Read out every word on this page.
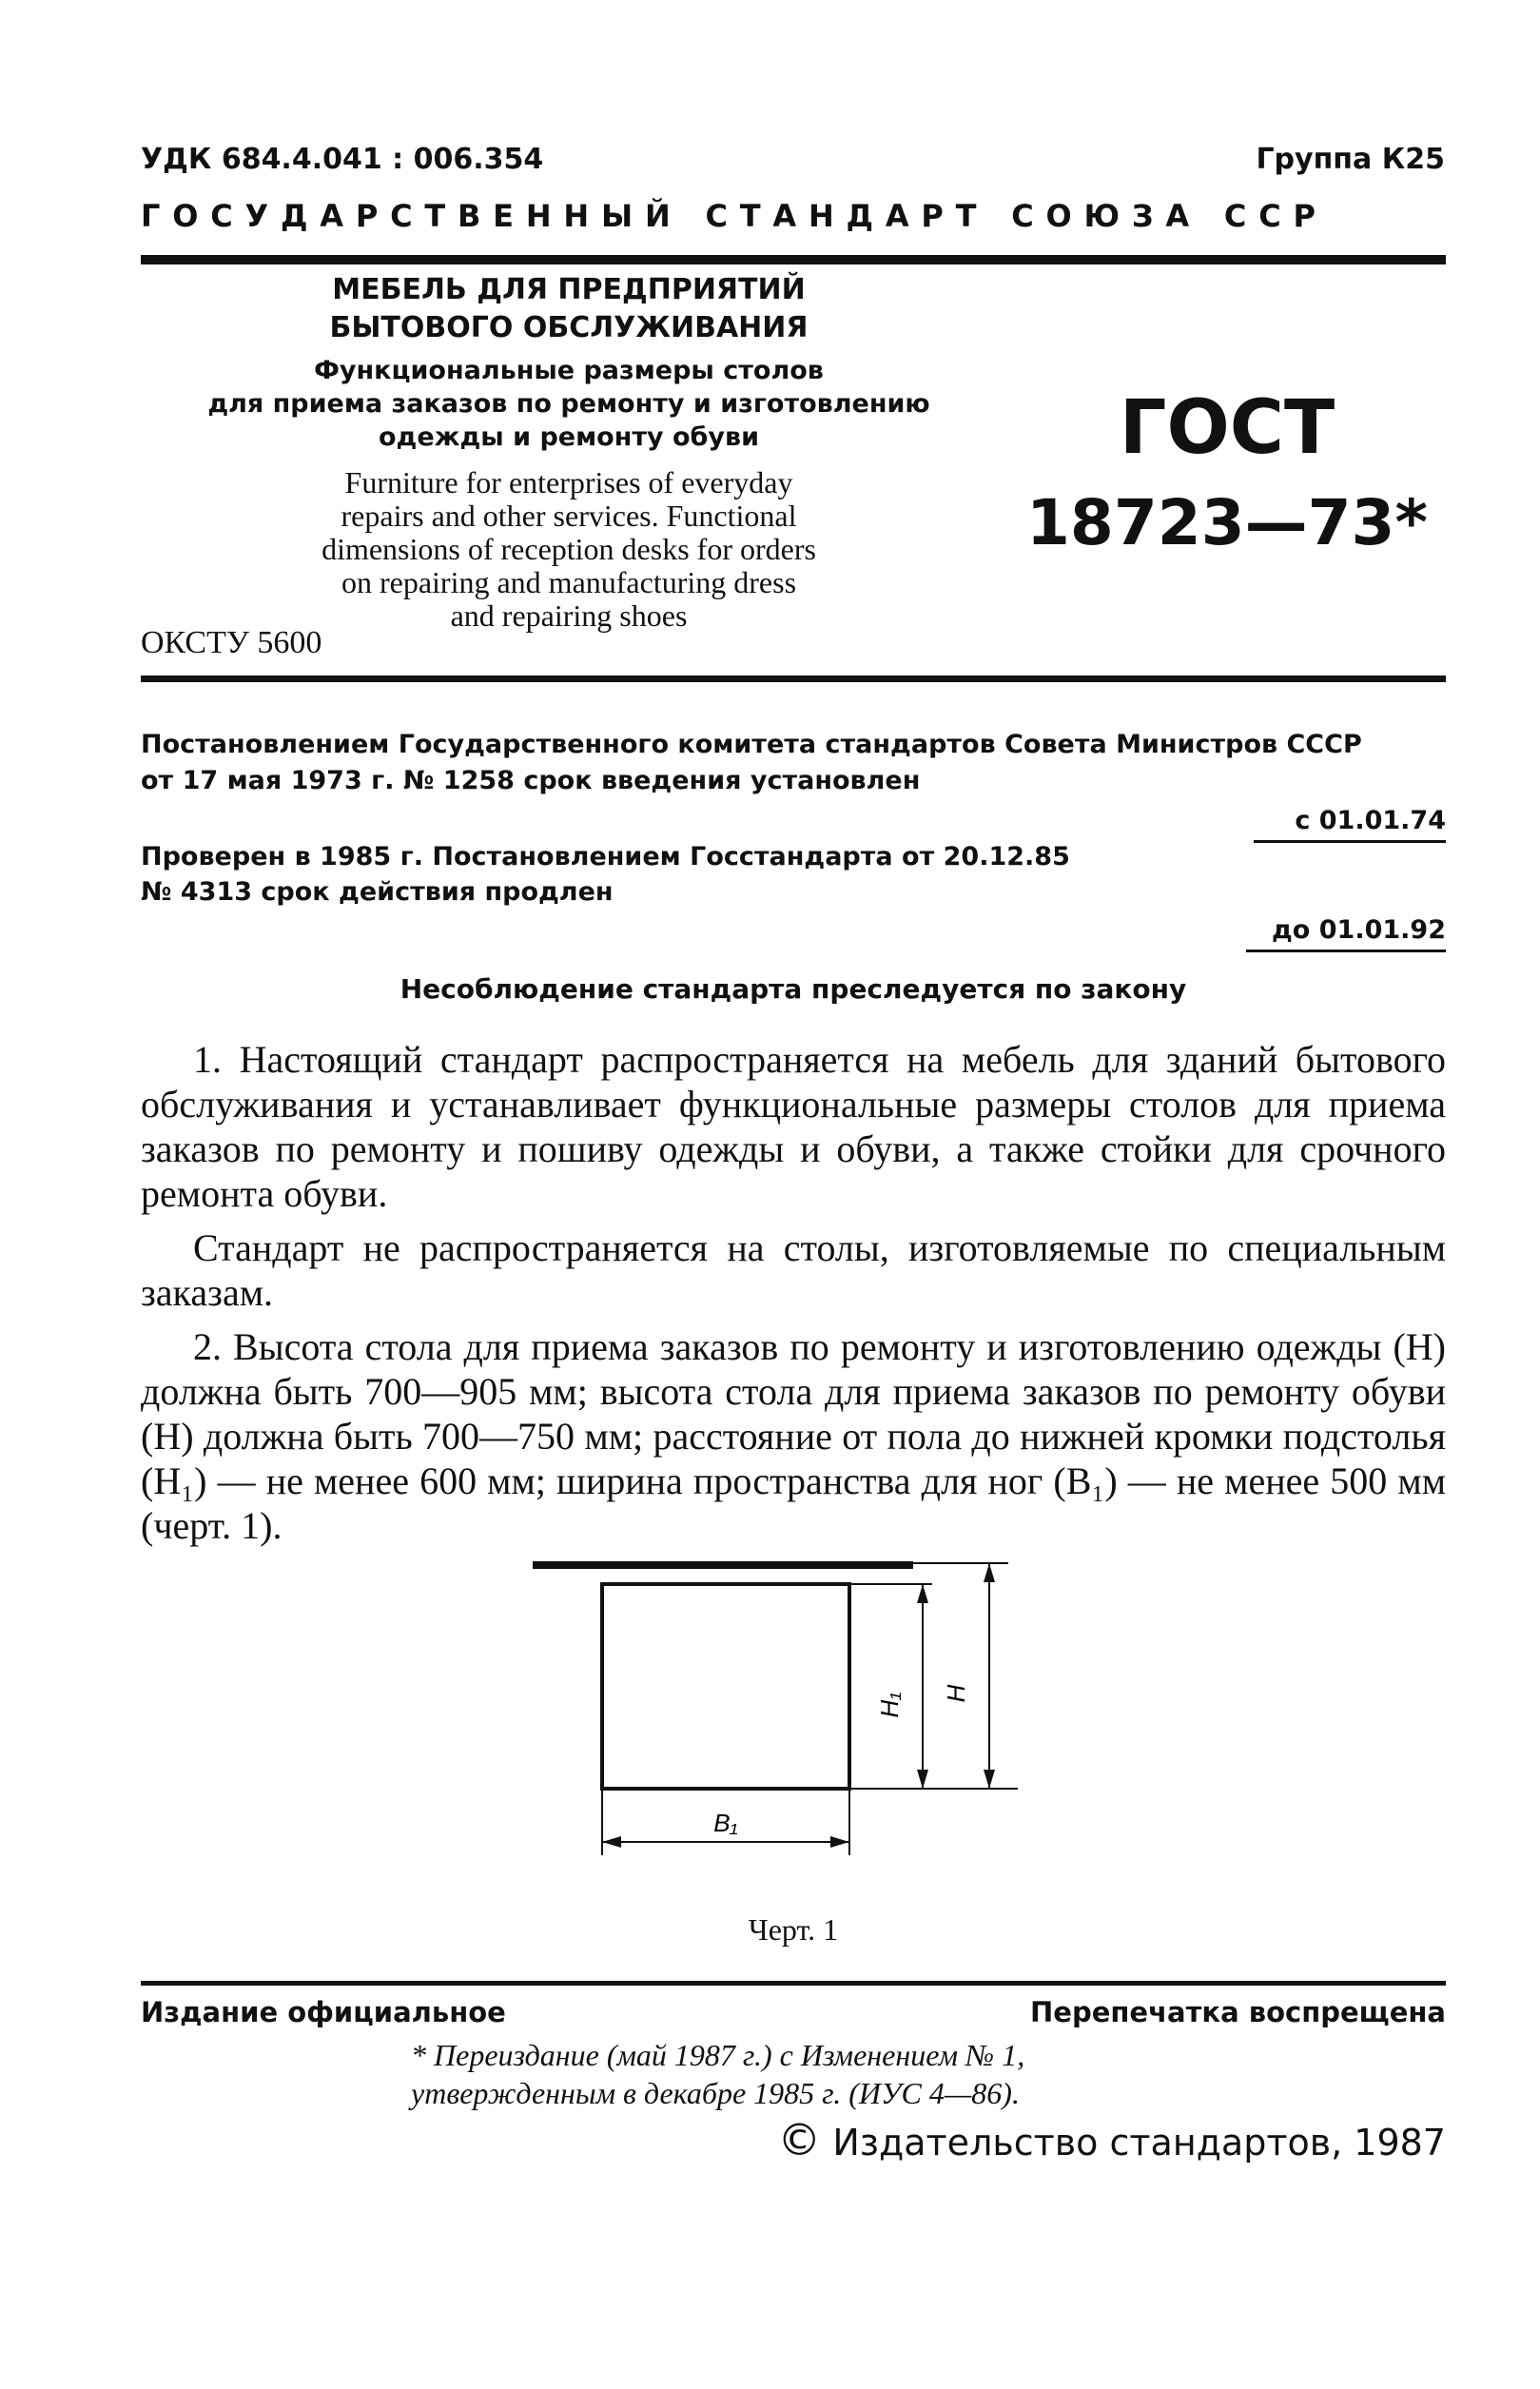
УДК 684.4.041 : 006.354	Группа К25
ГОСУДАРСТВЕННЫЙ СТАНДАРТ СОЮЗА ССР
МЕБЕЛЬ ДЛЯ ПРЕДПРИЯТИЙ
БЫТОВОГО ОБСЛУЖИВАНИЯ
Функциональные размеры столов
для приема заказов по ремонту и изготовлению
одежды и ремонту обуви
Furniture for enterprises of everyday
repairs and other services. Functional
dimensions of reception desks for orders
on repairing and manufacturing dress
and repairing shoes
ОКСТУ 5600
ГОСТ
18723—73*
Постановлением Государственного комитета стандартов Совета Министров СССР
от 17 мая 1973 г. № 1258 срок введения установлен
с 01.01.74
Проверен в 1985 г. Постановлением Госстандарта от 20.12.85
№ 4313 срок действия продлен
до 01.01.92
Несоблюдение стандарта преследуется по закону

1. Настоящий стандарт распространяется на мебель для зданий бытового обслуживания и устанавливает функциональные размеры столов для приема заказов по ремонту и пошиву одежды и обуви, а также стойки для срочного ремонта обуви.

Стандарт не распространяется на столы, изготовляемые по специальным заказам.

2. Высота стола для приема заказов по ремонту и изготовлению одежды (H) должна быть 700—905 мм; высота стола для приема заказов по ремонту обуви (H) должна быть 700—750 мм; расстояние от пола до нижней кромки подстолья (H₁) — не менее 600 мм; ширина пространства для ног (B₁) — не менее 500 мм (черт. 1).

H₁ H
B₁
Черт. 1
Издание официальное	Перепечатка воспрещена
* Переиздание (май 1987 г.) с Изменением № 1,
утвержденным в декабре 1985 г. (ИУС 4—86).
© Издательство стандартов, 1987
